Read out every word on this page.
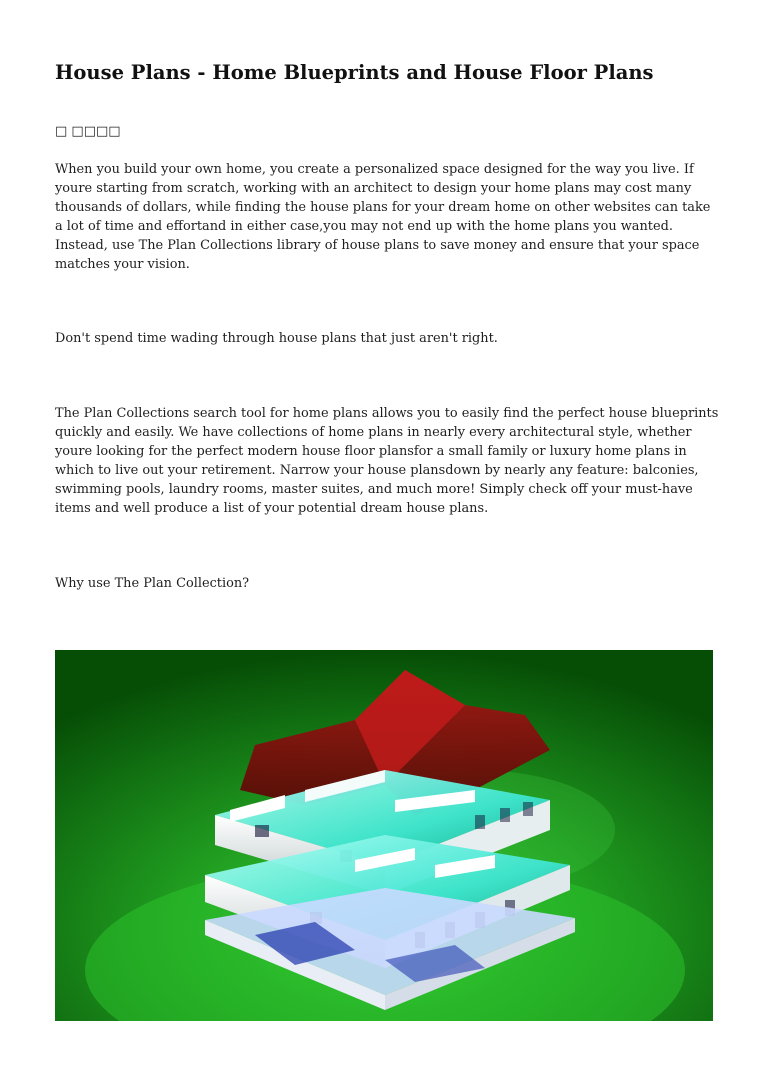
House Plans - Home Blueprints and House Floor Plans
□ □□□□

When you build your own home, you create a personalized space designed for the way you live. If youre starting from scratch, working with an architect to design your home plans may cost many thousands of dollars, while finding the house plans for your dream home on other websites can take a lot of time and effortand in either case,you may not end up with the home plans you wanted. Instead, use The Plan Collections library of house plans to save money and ensure that your space matches your vision.

Don't spend time wading through house plans that just aren't right.

The Plan Collections search tool for home plans allows you to easily find the perfect house blueprints quickly and easily. We have collections of home plans in nearly every architectural style, whether youre looking for the perfect modern house floor plansfor a small family or luxury home plans in which to live out your retirement. Narrow your house plansdown by nearly any feature: balconies, swimming pools, laundry rooms, master suites, and much more! Simply check off your must-have items and well produce a list of your potential dream house plans.

Why use The Plan Collection?
